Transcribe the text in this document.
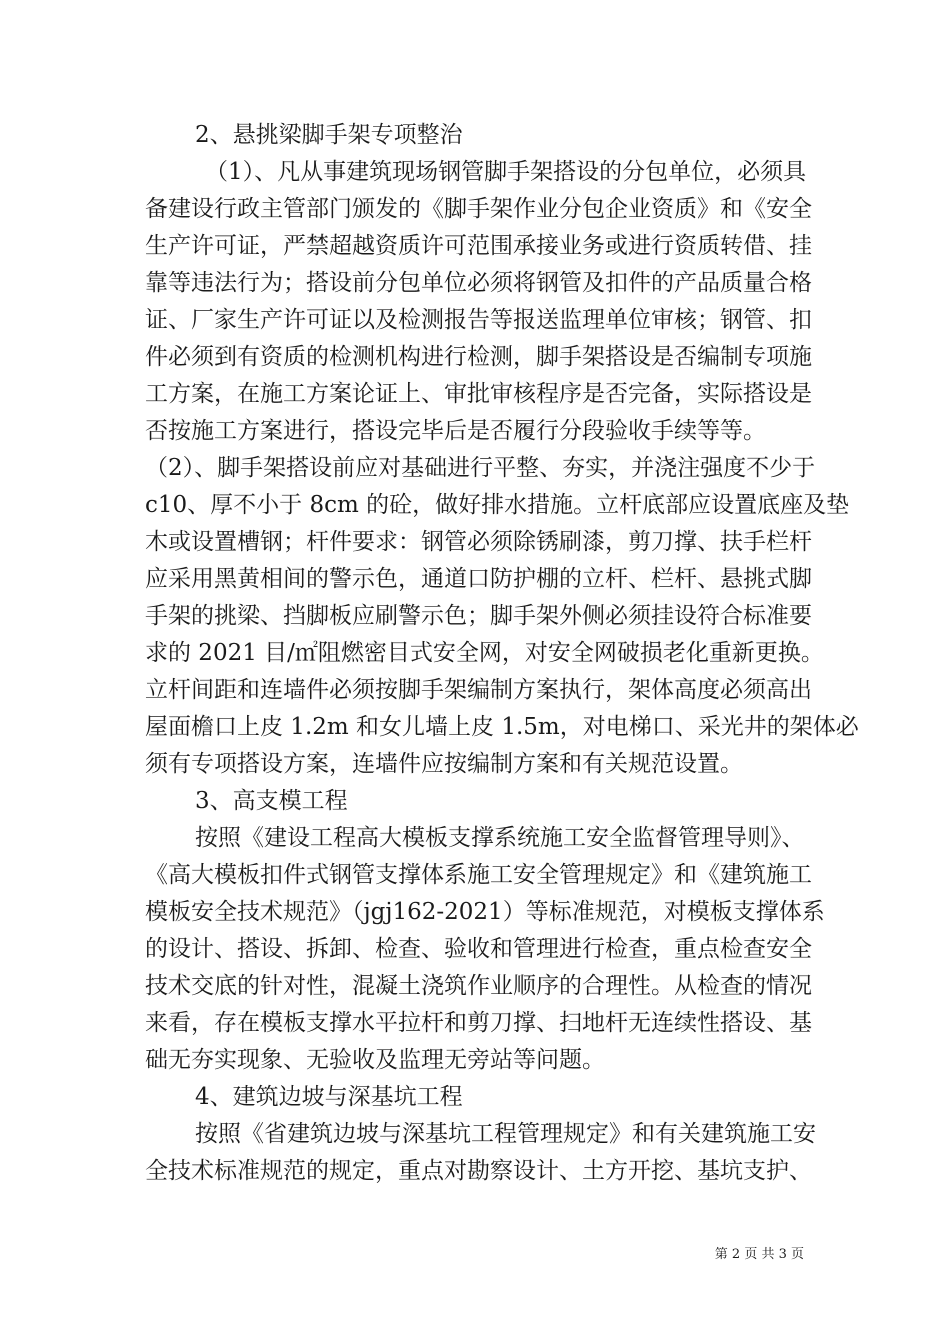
2、悬挑梁脚手架专项整治
（1）、凡从事建筑现场钢管脚手架搭设的分包单位，必须具
备建设行政主管部门颁发的《脚手架作业分包企业资质》和《安全
生产许可证，严禁超越资质许可范围承接业务或进行资质转借、挂
靠等违法行为；搭设前分包单位必须将钢管及扣件的产品质量合格
证、厂家生产许可证以及检测报告等报送监理单位审核；钢管、扣
件必须到有资质的检测机构进行检测，脚手架搭设是否编制专项施
工方案，在施工方案论证上、审批审核程序是否完备，实际搭设是
否按施工方案进行，搭设完毕后是否履行分段验收手续等等。
（2）、脚手架搭设前应对基础进行平整、夯实，并浇注强度不少于
c10、厚不小于 8cm 的砼，做好排水措施。立杆底部应设置底座及垫
木或设置槽钢；杆件要求：钢管必须除锈刷漆，剪刀撑、扶手栏杆
应采用黑黄相间的警示色，通道口防护棚的立杆、栏杆、悬挑式脚
手架的挑梁、挡脚板应刷警示色；脚手架外侧必须挂设符合标准要
求的 2021 目/㎡阻燃密目式安全网，对安全网破损老化重新更换。
立杆间距和连墙件必须按脚手架编制方案执行，架体高度必须高出
屋面檐口上皮 1.2m 和女儿墙上皮 1.5m，对电梯口、采光井的架体必
须有专项搭设方案，连墙件应按编制方案和有关规范设置。
3、高支模工程
按照《建设工程高大模板支撑系统施工安全监督管理导则》、
《高大模板扣件式钢管支撑体系施工安全管理规定》和《建筑施工
模板安全技术规范》（jgj162-2021）等标准规范，对模板支撑体系
的设计、搭设、拆卸、检查、验收和管理进行检查，重点检查安全
技术交底的针对性，混凝土浇筑作业顺序的合理性。从检查的情况
来看，存在模板支撑水平拉杆和剪刀撑、扫地杆无连续性搭设、基
础无夯实现象、无验收及监理无旁站等问题。
4、建筑边坡与深基坑工程
按照《省建筑边坡与深基坑工程管理规定》和有关建筑施工安
全技术标准规范的规定，重点对勘察设计、土方开挖、基坑支护、
第 2 页 共 3 页
